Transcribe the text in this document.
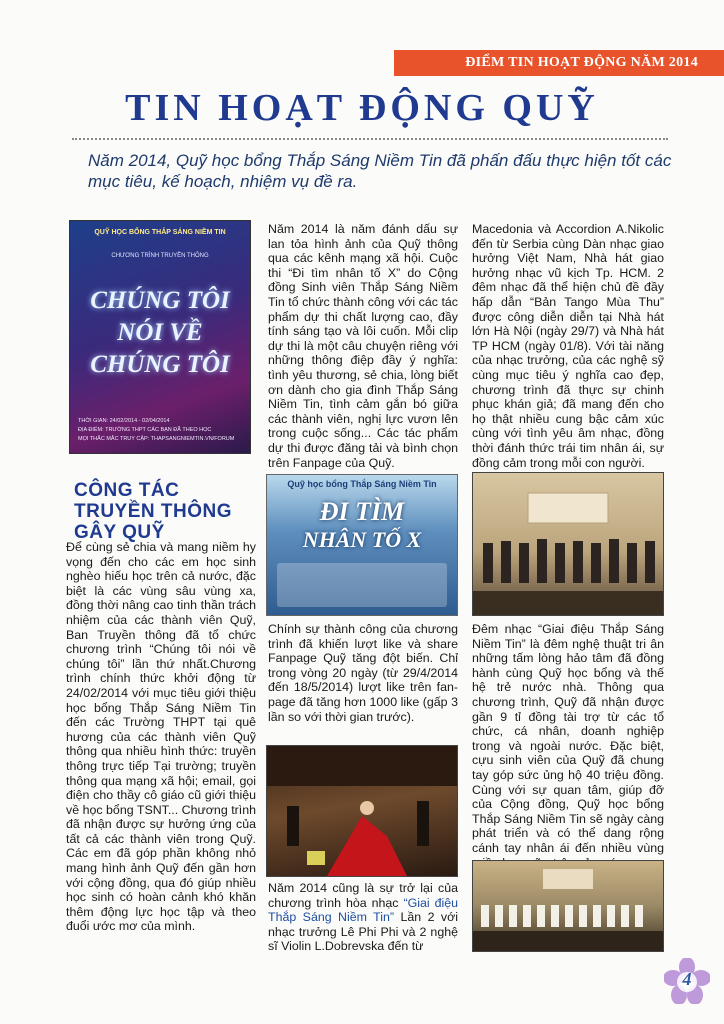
ĐIỂM TIN HOẠT ĐỘNG NĂM 2014
TIN HOẠT ĐỘNG QUỸ
Năm 2014, Quỹ học bổng Thắp Sáng Niềm Tin đã phấn đấu thực hiện tốt các mục tiêu, kế hoạch, nhiệm vụ đề ra.
QUỸ HỌC BỔNG THẮP SÁNG NIỀM TIN
CHƯƠNG TRÌNH TRUYỀN THÔNG
CHÚNG TÔI
NÓI VỀ
CHÚNG TÔI
THỜI GIAN: 24/02/2014 - 02/04/2014
ĐỊA ĐIỂM: TRƯỜNG THPT CÁC BẠN ĐÃ THEO HỌC
MỌI THẮC MẮC TRUY CẬP: THAPSANGNIEMTIN.VN/FORUM
CÔNG TÁC TRUYỀN THÔNG GÂY QUỸ
Để cùng sẻ chia và mang niềm hy vọng đến cho các em học sinh nghèo hiếu học trên cả nước, đặc biệt là các vùng sâu vùng xa, đồng thời nâng cao tinh thần trách nhiệm của các thành viên Quỹ, Ban Truyền thông đã tổ chức chương trình “Chúng tôi nói về chúng tôi” lần thứ nhất.Chương trình chính thức khởi động từ 24/02/2014 với mục tiêu giới thiệu học bổng Thắp Sáng Niềm Tin đến các Trường THPT tại quê hương của các thành viên Quỹ thông qua nhiều hình thức: truyền thông trực tiếp Tại trường; truyền thông qua mạng xã hội; email, gọi điện cho thầy cô giáo cũ giới thiệu về học bổng TSNT... Chương trình đã nhận được sự hưởng ứng của tất cả các thành viên trong Quỹ. Các em đã góp phần không nhỏ mang hình ảnh Quỹ đến gần hơn với cộng đồng, qua đó giúp nhiều học sinh có hoàn cảnh khó khăn thêm động lực học tập và theo đuổi ước mơ của mình.
Năm 2014 là năm đánh dấu sự lan tỏa hình ảnh của Quỹ thông qua các kênh mạng xã hội. Cuộc thi “Đi tìm nhân tố X” do Cộng đồng Sinh viên Thắp Sáng Niềm Tin tổ chức thành công với các tác phẩm dự thi chất lượng cao, đầy tính sáng tạo và lôi cuốn. Mỗi clip dự thi là một câu chuyện riêng với những thông điệp đầy ý nghĩa: tình yêu thương, sẻ chia, lòng biết ơn dành cho gia đình Thắp Sáng Niềm Tin, tình cảm gắn bó giữa các thành viên, nghị lực vươn lên trong cuộc sống... Các tác phẩm dự thi được đăng tải và bình chọn trên Fanpage của Quỹ.
Quỹ học bổng Thắp Sáng Niềm Tin
ĐI TÌM
NHÂN TỐ X
Chính sự thành công của chương trình đã khiến lượt like và share Fanpage Quỹ tăng đột biến. Chỉ trong vòng 20 ngày (từ 29/4/2014 đến 18/5/2014) lượt like trên fan-page đã tăng hơn 1000 like (gấp 3 lần so với thời gian trước).
Năm 2014 cũng là sự trở lại của chương trình hòa nhạc “Giai điệu Thắp Sáng Niềm Tin” Lần 2 với nhạc trưởng Lê Phi Phi và 2 nghệ sĩ Violin L.Dobrevska đến từ
Macedonia và Accordion A.Nikolic đến từ Serbia cùng Dàn nhạc giao hưởng Việt Nam, Nhà hát giao hưởng nhạc vũ kịch Tp. HCM. 2 đêm nhạc đã thể hiện chủ đề đầy hấp dẫn “Bản Tango Mùa Thu” được công diễn diễn tại Nhà hát lớn Hà Nội (ngày 29/7) và Nhà hát TP HCM (ngày 01/8). Với tài năng của nhạc trưởng, của các nghệ sỹ cùng mục tiêu ý nghĩa cao đẹp, chương trình đã thực sự chinh phục khán giả; đã mang đến cho họ thật nhiều cung bậc cảm xúc cùng với tình yêu âm nhạc, đồng thời đánh thức trái tim nhân ái, sự đồng cảm trong mỗi con người.
Đêm nhạc “Giai điệu Thắp Sáng Niềm Tin” là đêm nghệ thuật tri ân những tấm lòng hảo tâm đã đồng hành cùng Quỹ học bổng và thế hệ trẻ nước nhà. Thông qua chương trình, Quỹ đã nhận được gần 9 tỉ đồng tài trợ từ các tổ chức, cá nhân, doanh nghiệp trong và ngoài nước. Đặc biệt, cựu sinh viên của Quỹ đã chung tay góp sức ủng hộ 40 triệu đồng. Cùng với sự quan tâm, giúp đỡ của Cộng đồng, Quỹ học bổng Thắp Sáng Niềm Tin sẽ ngày càng phát triển và có thể dang rộng cánh tay nhân ái đến nhiều vùng
4
